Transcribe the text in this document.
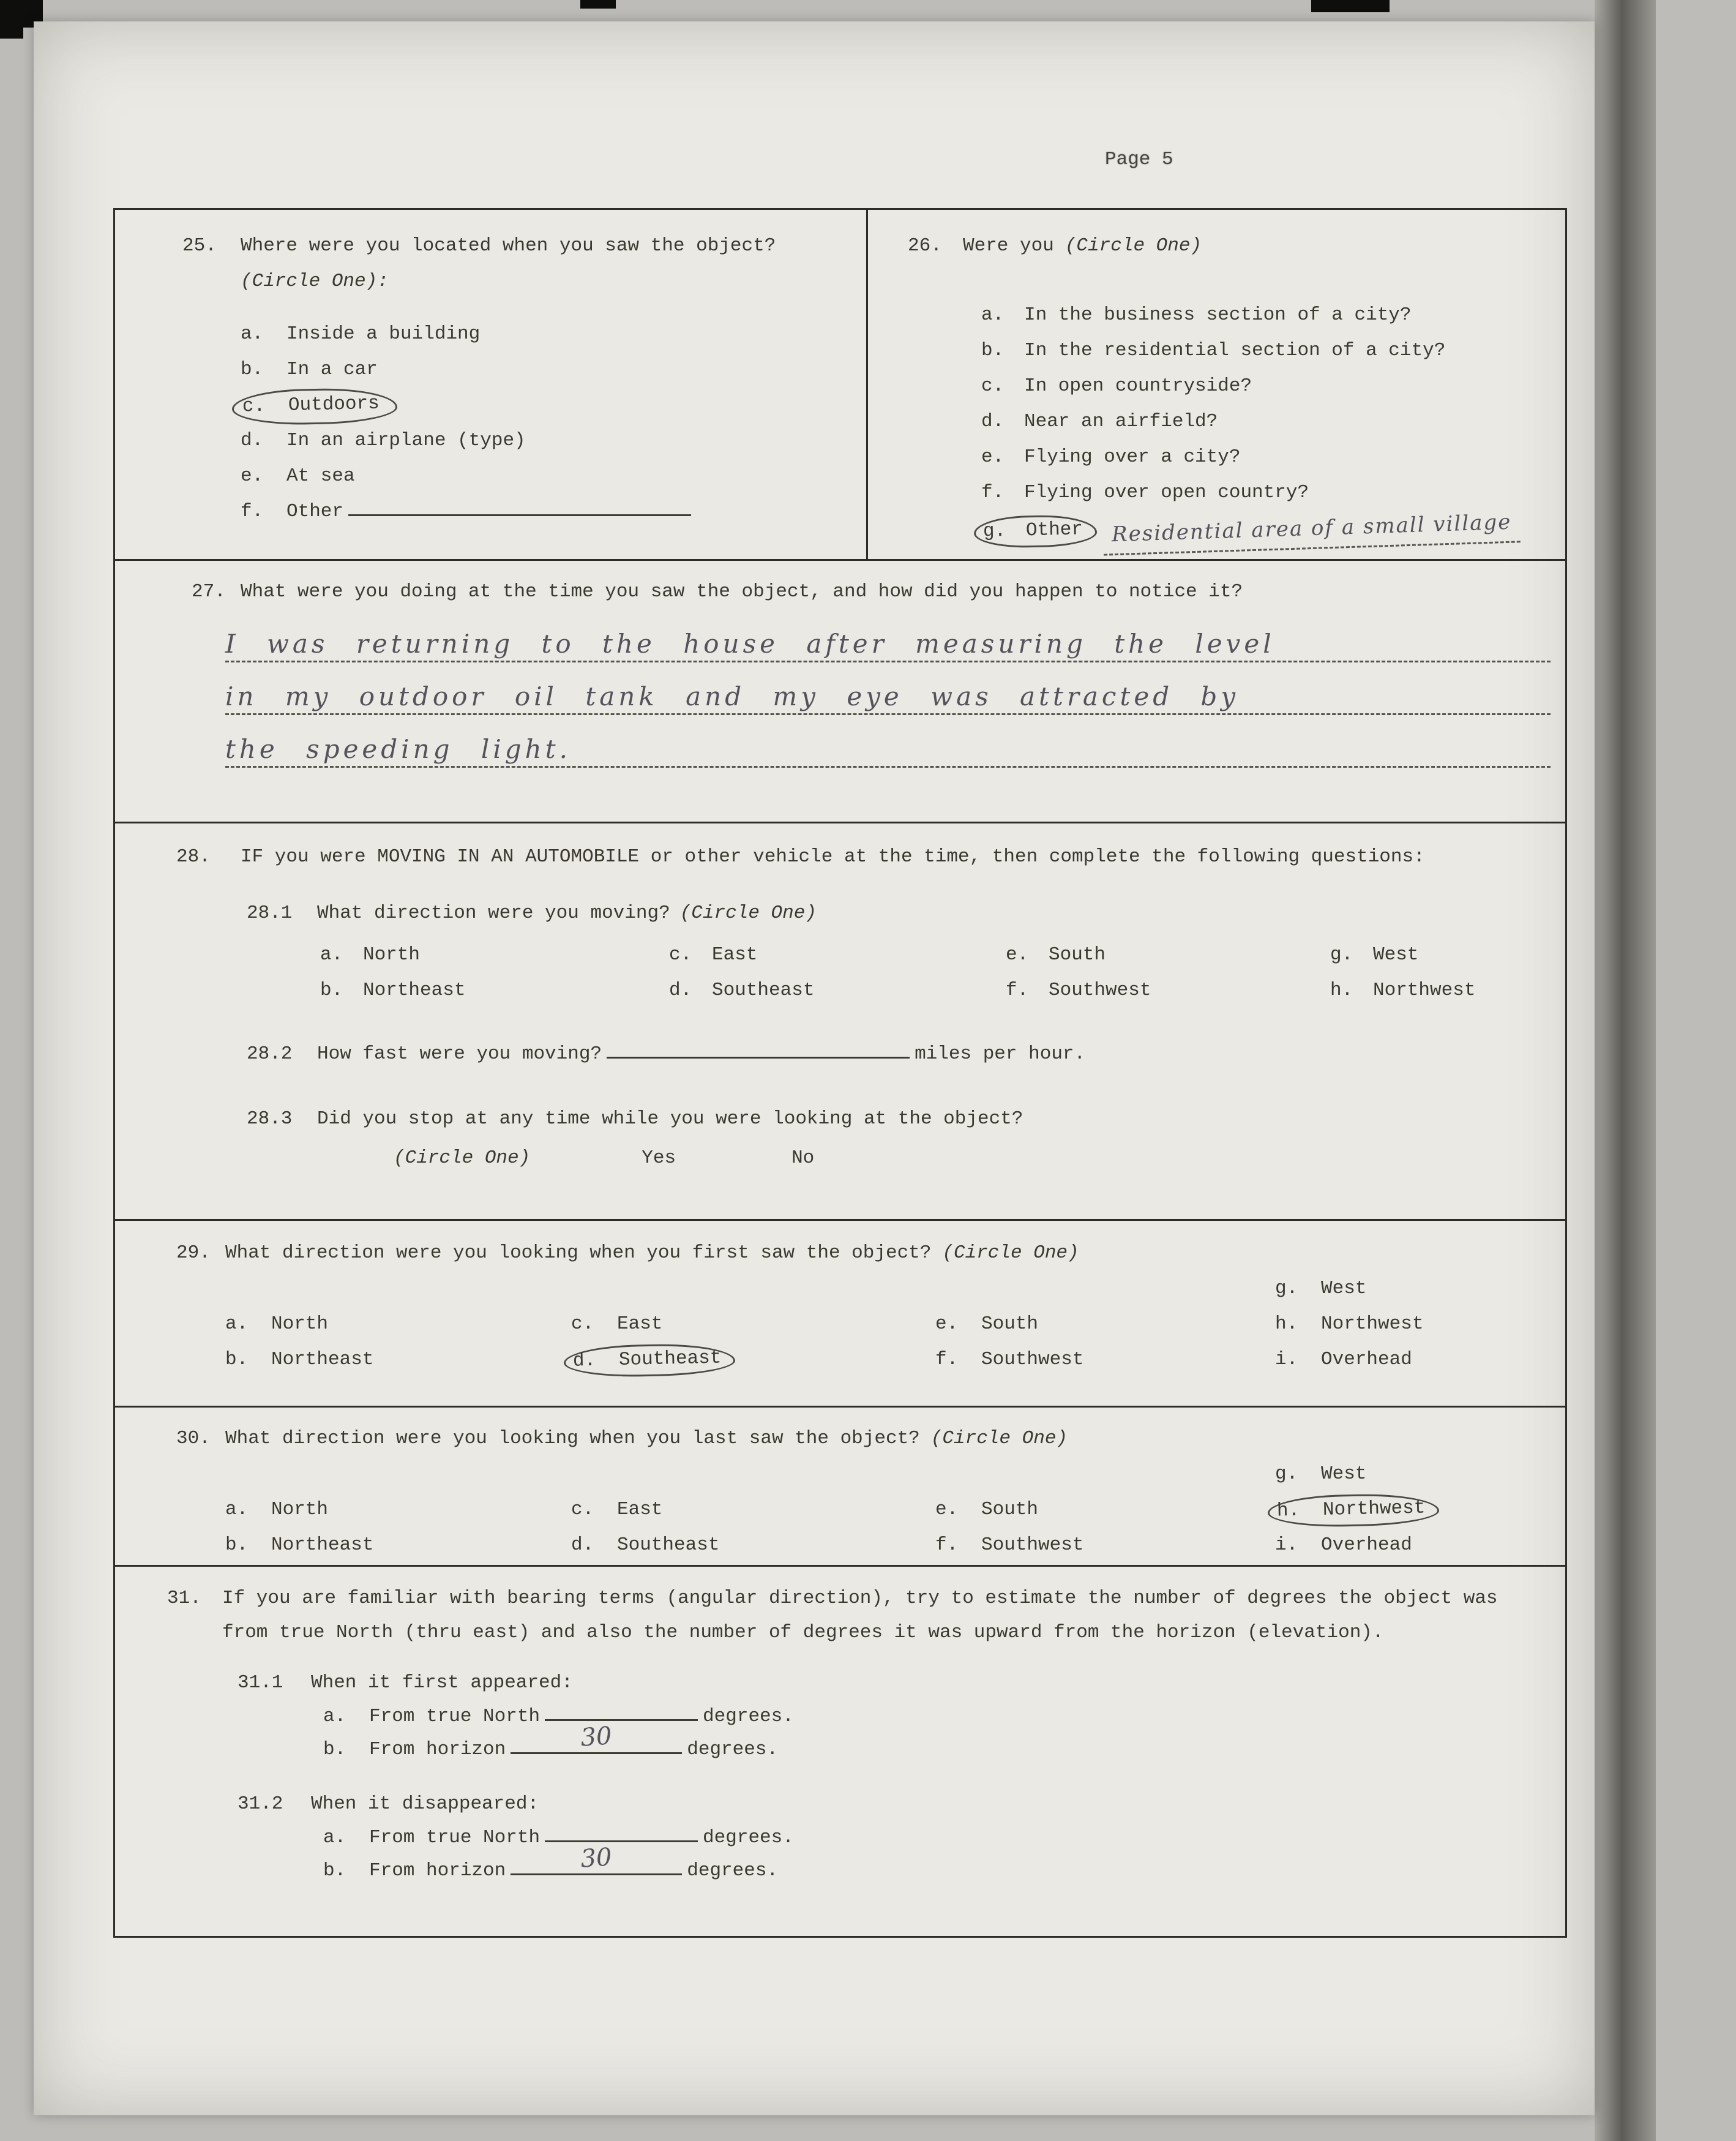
Page 5
25.	Where were you located when you saw the object?
(Circle One):
a. Inside a building
b. In a car
c. Outdoors
d. In an airplane (type)
e. At sea
f. Other
26.	Were you (Circle One)
a. In the business section of a city?
b. In the residential section of a city?
c. In open countryside?
d. Near an airfield?
e. Flying over a city?
f. Flying over open country?
g. Other Residential area of a small village
27. What were you doing at the time you saw the object, and how did you happen to notice it?
I was returning to the house after measuring the level
in my outdoor oil tank and my eye was attracted by
the speeding light.
28.	IF you were MOVING IN AN AUTOMOBILE or other vehicle at the time, then complete the following questions:
28.1 What direction were you moving? (Circle One)
a. North	c. East	e. South	g. West
b. Northeast	d. Southeast	f. Southwest	h. Northwest
28.2 How fast were you moving?	miles per hour.
28.3 Did you stop at any time while you were looking at the object?
(Circle One)	Yes	No
29. What direction were you looking when you first saw the object? (Circle One)
g. West
a. North	c. East	e. South	h. Northwest
b. Northeast	d. Southeast	f. Southwest	i. Overhead
30. What direction were you looking when you last saw the object? (Circle One)
g. West
a. North	c. East	e. South	h. Northwest
b. Northeast	d. Southeast	f. Southwest	i. Overhead
31.	If you are familiar with bearing terms (angular direction), try to estimate the number of degrees the object was
from true North (thru east) and also the number of degrees it was upward from the horizon (elevation).
31.1 When it first appeared:
a. From true North	degrees.
b. From horizon	30	degrees.
31.2 When it disappeared:
a. From true North	degrees.
b. From horizon	30	degrees.
